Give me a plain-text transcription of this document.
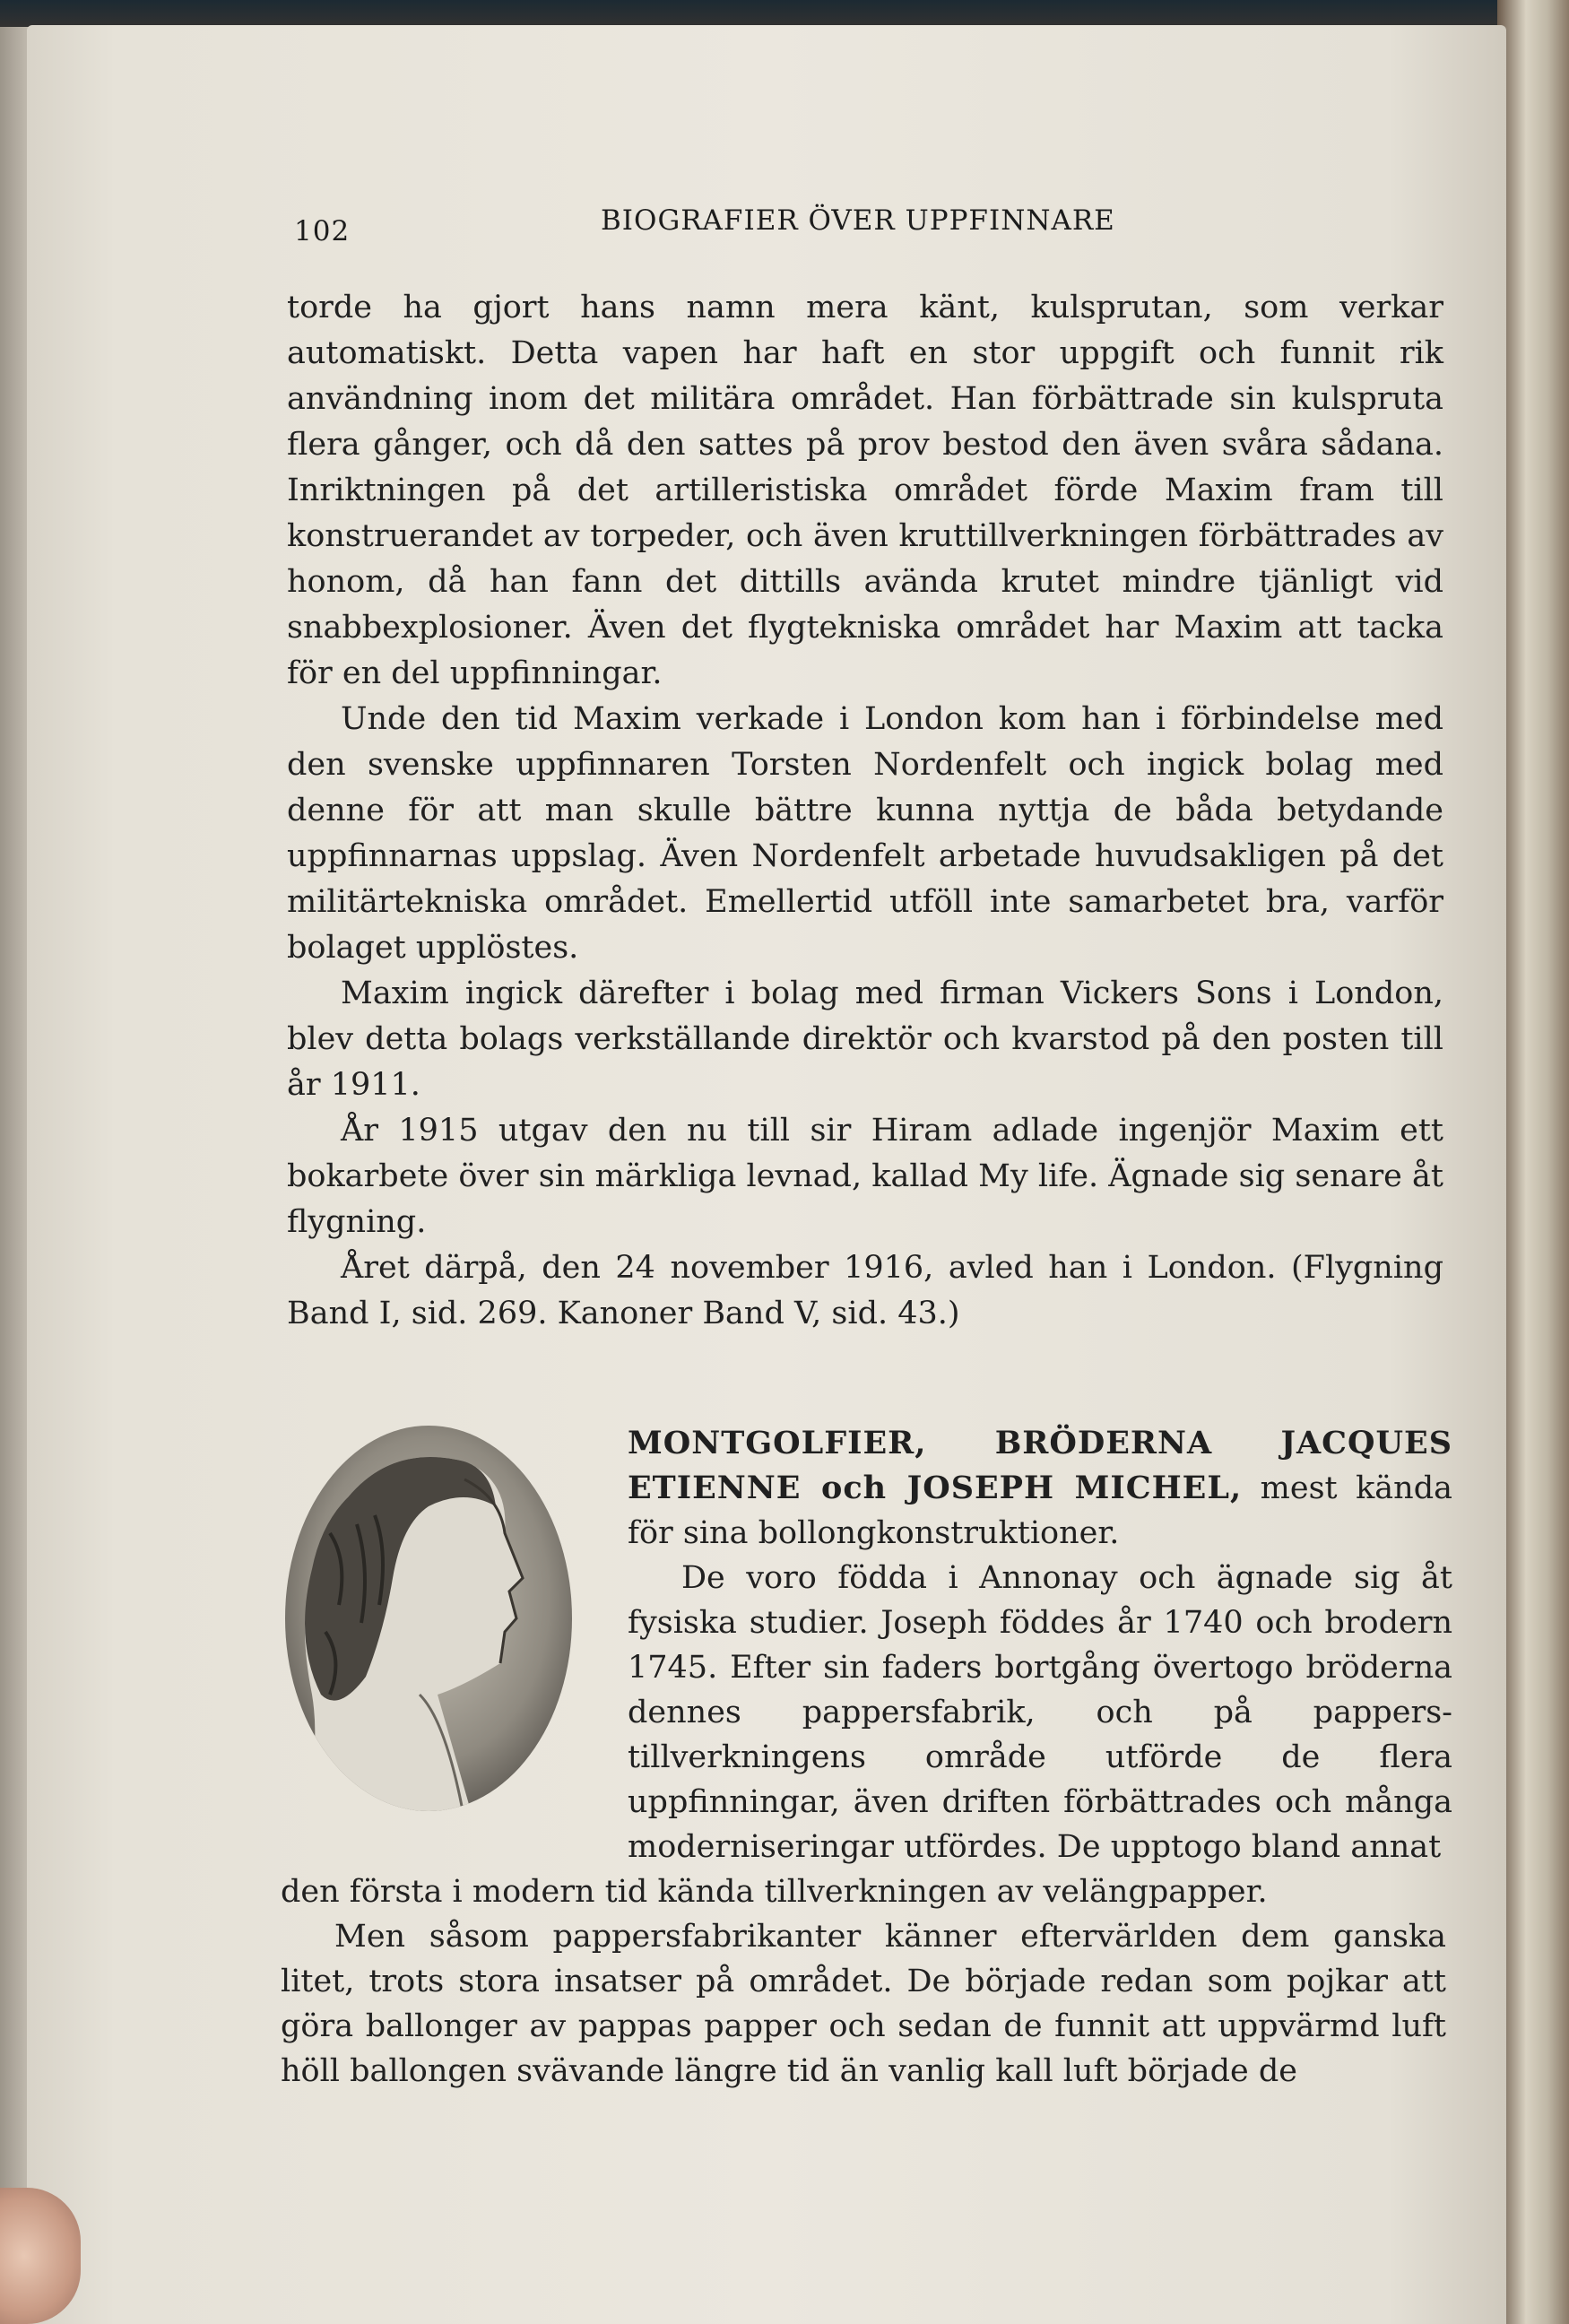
102	BIOGRAFIER ÖVER UPPFINNARE

torde ha gjort hans namn mera känt, kulsprutan, som verkar automatiskt. Detta vapen har haft en stor uppgift och funnit rik användning inom det militära området. Han förbättrade sin kulspruta flera gånger, och då den sattes på prov bestod den även svåra sådana. Inriktningen på det artilleristiska området förde Maxim fram till konstruerandet av torpeder, och även kruttillverkningen förbättrades av honom, då han fann det dittills avända krutet mindre tjänligt vid snabbexplosioner. Även det flygtekniska området har Maxim att tacka för en del uppfinningar.

Unde den tid Maxim verkade i London kom han i förbindelse med den svenske uppfinnaren Torsten Nordenfelt och ingick bolag med denne för att man skulle bättre kunna nyttja de båda betydande uppfinnarnas uppslag. Även Nordenfelt arbetade huvudsakligen på det militärtekniska området. Emellertid utföll inte samarbetet bra, varför bolaget upplöstes.

Maxim ingick därefter i bolag med firman Vickers Sons i London, blev detta bolags verkställande direktör och kvarstod på den posten till år 1911.

År 1915 utgav den nu till sir Hiram adlade ingenjör Maxim ett bokarbete över sin märkliga levnad, kallad My life. Ägnade sig senare åt flygning.

Året därpå, den 24 november 1916, avled han i London. (Flygning Band I, sid. 269. Kanoner Band V, sid. 43.)

MONTGOLFIER, BRÖDERNA JACQUES ETIENNE och JOSEPH MICHEL, mest kända för sina bollongkonstruktioner.
De voro födda i Annonay och ägnade sig åt fysiska studier. Joseph föddes år 1740 och brodern 1745. Efter sin faders bortgång övertogo bröderna dennes pappersfabrik, och på pappers-tillverkningens område utförde de flera uppfinningar, även driften förbättrades och många moderniseringar utfördes. De upptogo bland annat
den första i modern tid kända tillverkningen av velängpapper.
Men såsom pappersfabrikanter känner eftervärlden dem ganska litet, trots stora insatser på området. De började redan som pojkar att göra ballonger av pappas papper och sedan de funnit att uppvärmd luft höll ballongen svävande längre tid än vanlig kall luft började de
